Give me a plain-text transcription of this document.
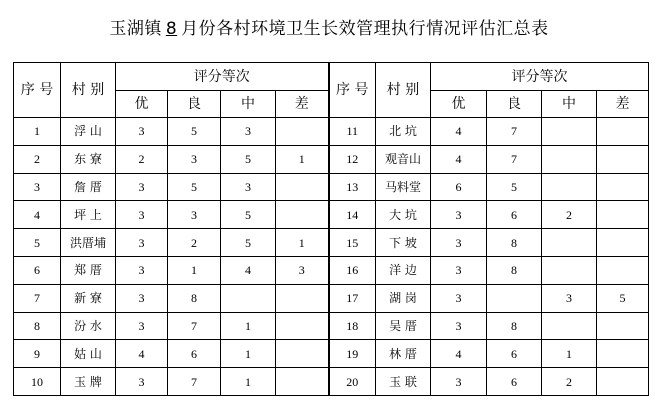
玉湖镇 8 月份各村环境卫生长效管理执行情况评估汇总表
序 号	村 别	评分等次				序 号	村 别	评分等次			
		优	良	中	差			优	良	中	差
1	浮 山	3	5	3		11	北 坑	4	7		
2	东 寮	2	3	5	1	12	观音山	4	7		
3	詹 厝	3	5	3		13	马料堂	6	5		
4	坪 上	3	3	5		14	大 坑	3	6	2	
5	洪厝埔	3	2	5	1	15	下 坡	3	8		
6	郑 厝	3	1	4	3	16	洋 边	3	8		
7	新 寮	3	8			17	湖 岗	3		3	5
8	汾 水	3	7	1		18	吴 厝	3	8		
9	姑 山	4	6	1		19	林 厝	4	6	1	
10	玉 牌	3	7	1		20	玉 联	3	6	2	
